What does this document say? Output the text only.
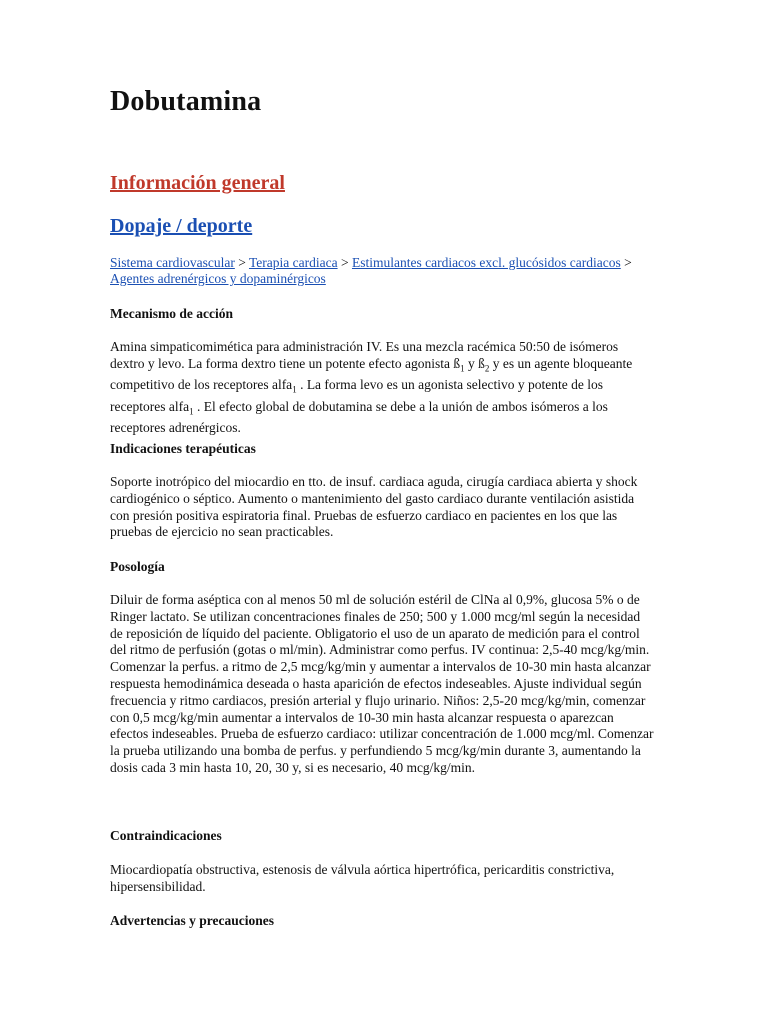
Dobutamina
Información general
Dopaje / deporte
Sistema cardiovascular > Terapia cardiaca > Estimulantes cardiacos excl. glucósidos cardiacos > Agentes adrenérgicos y dopaminérgicos
Mecanismo de acción

Amina simpaticomimética para administración IV. Es una mezcla racémica 50:50 de isómeros dextro y levo. La forma dextro tiene un potente efecto agonista $ß_1$ y $ß_2$ y es un agente bloqueante competitivo de los receptores alfa$_1$ . La forma levo es un agonista selectivo y potente de los receptores alfa$_1$ . El efecto global de dobutamina se debe a la unión de ambos isómeros a los receptores adrenérgicos.

Indicaciones terapéuticas

Soporte inotrópico del miocardio en tto. de insuf. cardiaca aguda, cirugía cardiaca abierta y shock cardiogénico o séptico. Aumento o mantenimiento del gasto cardiaco durante ventilación asistida con presión positiva espiratoria final. Pruebas de esfuerzo cardiaco en pacientes en los que las pruebas de ejercicio no sean practicables.

Posología

Diluir de forma aséptica con al menos 50 ml de solución estéril de ClNa al 0,9%, glucosa 5% o de Ringer lactato. Se utilizan concentraciones finales de 250; 500 y 1.000 mcg/ml según la necesidad de reposición de líquido del paciente. Obligatorio el uso de un aparato de medición para el control del ritmo de perfusión (gotas o ml/min). Administrar como perfus. IV continua: 2,5-40 mcg/kg/min. Comenzar la perfus. a ritmo de 2,5 mcg/kg/min y aumentar a intervalos de 10-30 min hasta alcanzar respuesta hemodinámica deseada o hasta aparición de efectos indeseables. Ajuste individual según frecuencia y ritmo cardiacos, presión arterial y flujo urinario. Niños: 2,5-20 mcg/kg/min, comenzar con 0,5 mcg/kg/min aumentar a intervalos de 10-30 min hasta alcanzar respuesta o aparezcan efectos indeseables. Prueba de esfuerzo cardiaco: utilizar concentración de 1.000 mcg/ml. Comenzar la prueba utilizando una bomba de perfus. y perfundiendo 5 mcg/kg/min durante 3, aumentando la dosis cada 3 min hasta 10, 20, 30 y, si es necesario, 40 mcg/kg/min.

Contraindicaciones

Miocardiopatía obstructiva, estenosis de válvula aórtica hipertrófica, pericarditis constrictiva, hipersensibilidad.

Advertencias y precauciones
